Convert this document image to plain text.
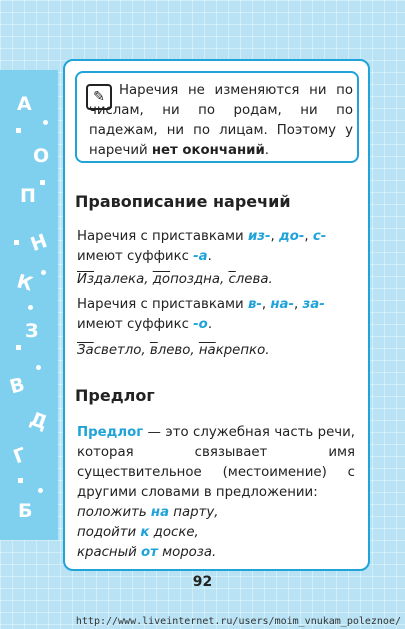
А
О
П
Н
К
З
В
Д
Г
Б
✎	Наречия не изменяются ни по числам, ни по родам, ни по падежам, ни по лицам. Поэтому у наречий нет окончаний.

Правописание наречий

Наречия с приставками из-, до-, с-
имеют суффикс -а.

Издалека, допоздна, слева.

Наречия с приставками в-, на-, за-
имеют суффикс -о.

Засветло, влево, накрепко.

Предлог

Предлог — это служебная часть речи, которая связывает имя существительное (местоимение) с другими словами в предложении:

положить на парту,
подойти к доске,
красный от мороза.

92
http://www.liveinternet.ru/users/moim_vnukam_poleznoe/
